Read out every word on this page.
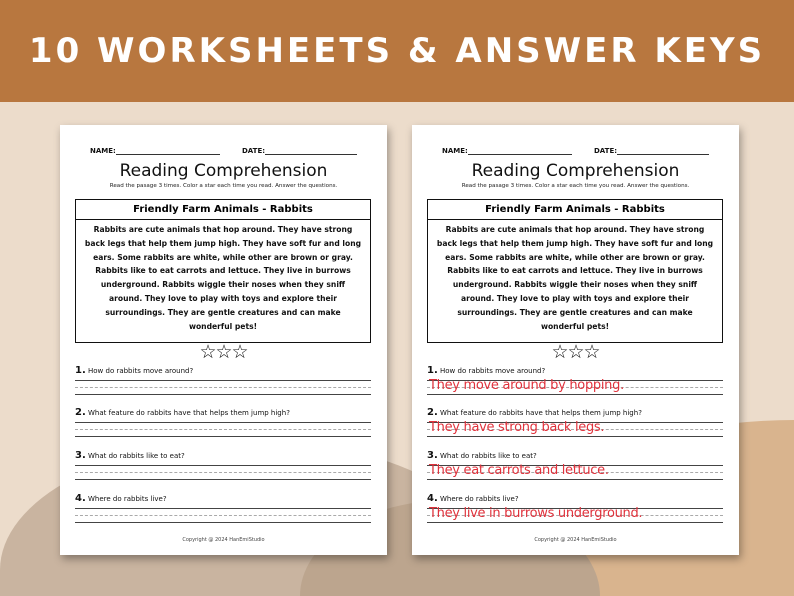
10 WORKSHEETS & ANSWER KEYS
NAME:	DATE:
Reading Comprehension
Read the pasage 3 times. Color a star each time you read. Answer the questions.
Friendly Farm Animals - Rabbits
Rabbits are cute animals that hop around. They have strong back legs that help them jump high. They have soft fur and long ears. Some rabbits are white, while other are brown or gray. Rabbits like to eat carrots and lettuce. They live in burrows underground. Rabbits wiggle their noses when they sniff around. They love to play with toys and explore their surroundings. They are gentle creatures and can make wonderful pets!
☆☆☆
1. How do rabbits move around?
2. What feature do rabbits have that helps them jump high?
3. What do rabbits like to eat?
4. Where do rabbits live?
Copyright @ 2024 HanEmiStudio
NAME:	DATE:
Reading Comprehension
Read the pasage 3 times. Color a star each time you read. Answer the questions.
Friendly Farm Animals - Rabbits
Rabbits are cute animals that hop around. They have strong back legs that help them jump high. They have soft fur and long ears. Some rabbits are white, while other are brown or gray. Rabbits like to eat carrots and lettuce. They live in burrows underground. Rabbits wiggle their noses when they sniff around. They love to play with toys and explore their surroundings. They are gentle creatures and can make wonderful pets!
☆☆☆
1. How do rabbits move around?
They move around by hopping.
2. What feature do rabbits have that helps them jump high?
They have strong back legs.
3. What do rabbits like to eat?
They eat carrots and lettuce.
4. Where do rabbits live?
They live in burrows underground.
Copyright @ 2024 HanEmiStudio
